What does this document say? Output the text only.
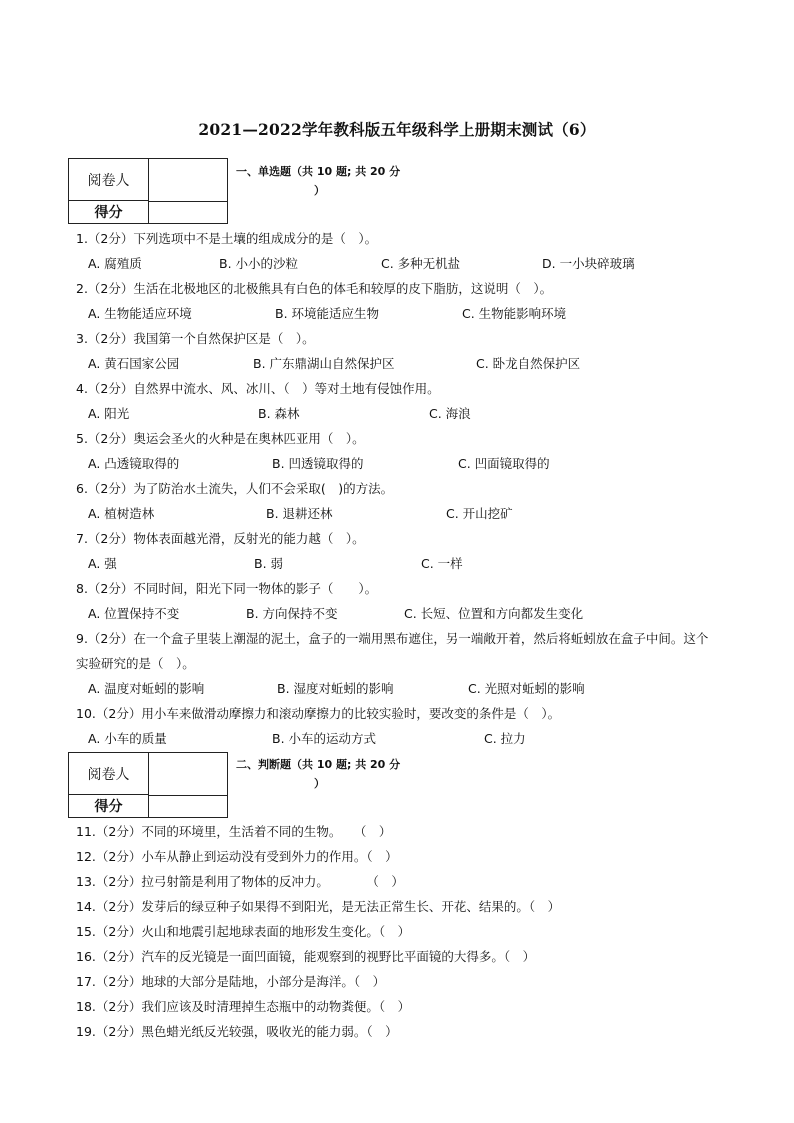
2021—2022学年教科版五年级科学上册期末测试（6）
阅卷人
得分
一、单选题（共 10 题; 共 20 分
）
1.（2分）下列选项中不是土壤的组成成分的是（　）。
A. 腐殖质	B. 小小的沙粒	C. 多种无机盐	D. 一小块碎玻璃
2.（2分）生活在北极地区的北极熊具有白色的体毛和较厚的皮下脂肪，这说明（　）。
A. 生物能适应环境	B. 环境能适应生物	C. 生物能影响环境
3.（2分）我国第一个自然保护区是（　）。
A. 黄石国家公园	B. 广东鼎湖山自然保护区	C. 卧龙自然保护区
4.（2分）自然界中流水、风、冰川、（　）等对土地有侵蚀作用。
A. 阳光	B. 森林	C. 海浪
5.（2分）奥运会圣火的火种是在奥林匹亚用（　）。
A. 凸透镜取得的	B. 凹透镜取得的	C. 凹面镜取得的
6.（2分）为了防治水土流失，人们不会采取(　)的方法。
A. 植树造林	B. 退耕还林	C. 开山挖矿
7.（2分）物体表面越光滑，反射光的能力越（　）。
A. 强	B. 弱	C. 一样
8.（2分）不同时间，阳光下同一物体的影子（　　）。
A. 位置保持不变	B. 方向保持不变	C. 长短、位置和方向都发生变化
9.（2分）在一个盒子里装上潮湿的泥土，盒子的一端用黑布遮住，另一端敞开着，然后将蚯蚓放在盒子中间。这个实验研究的是（　）。
A. 温度对蚯蚓的影响	B. 湿度对蚯蚓的影响	C. 光照对蚯蚓的影响
10.（2分）用小车来做滑动摩擦力和滚动摩擦力的比较实验时，要改变的条件是（　）。
A. 小车的质量	B. 小车的运动方式	C. 拉力
阅卷人
得分
二、判断题（共 10 题; 共 20 分
）
11.（2分）不同的环境里，生活着不同的生物。　　（　）
12.（2分）小车从静止到运动没有受到外力的作用。（　）
13.（2分）拉弓射箭是利用了物体的反冲力。　　　　（　）
14.（2分）发芽后的绿豆种子如果得不到阳光，是无法正常生长、开花、结果的。（　）
15.（2分）火山和地震引起地球表面的地形发生变化。（　）
16.（2分）汽车的反光镜是一面凹面镜，能观察到的视野比平面镜的大得多。（　）
17.（2分）地球的大部分是陆地，小部分是海洋。（　）
18.（2分）我们应该及时清理掉生态瓶中的动物粪便。（　）
19.（2分）黑色蜡光纸反光较强，吸收光的能力弱。（　）
